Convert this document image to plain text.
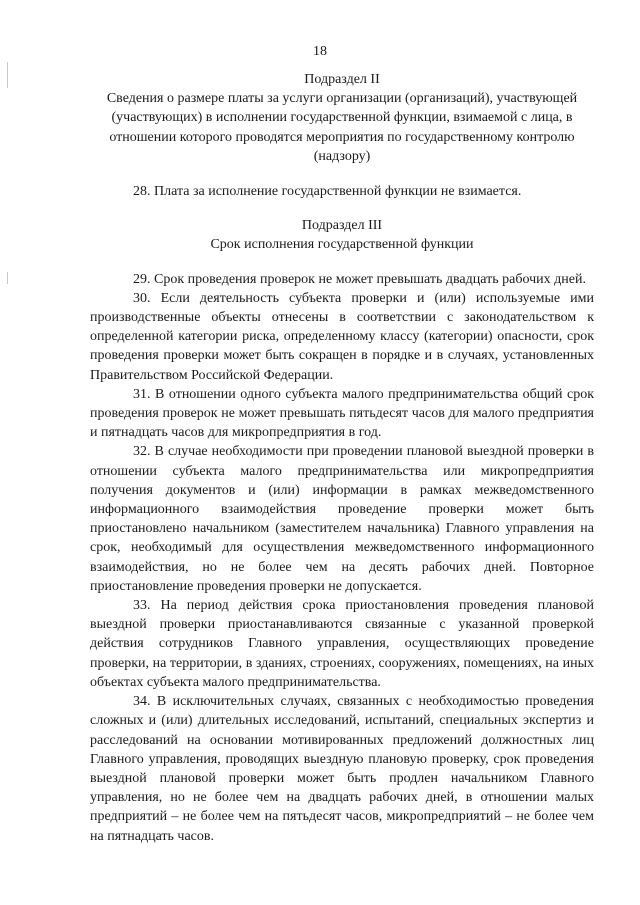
18

Подраздел II

Сведения о размере платы за услуги организации (организаций), участвующей (участвующих) в исполнении государственной функции, взимаемой с лица, в отношении которого проводятся мероприятия по государственному контролю (надзору)

28. Плата за исполнение государственной функции не взимается.

Подраздел III

Срок исполнения государственной функции

29. Срок проведения проверок не может превышать двадцать рабочих дней.

30. Если деятельность субъекта проверки и (или) используемые ими производственные объекты отнесены в соответствии с законодательством к определенной категории риска, определенному классу (категории) опасности, срок проведения проверки может быть сокращен в порядке и в случаях, установленных Правительством Российской Федерации.

31. В отношении одного субъекта малого предпринимательства общий срок проведения проверок не может превышать пятьдесят часов для малого предприятия и пятнадцать часов для микропредприятия в год.

32. В случае необходимости при проведении плановой выездной проверки в отношении субъекта малого предпринимательства или микропредприятия получения документов и (или) информации в рамках межведомственного информационного взаимодействия проведение проверки может быть приостановлено начальником (заместителем начальника) Главного управления на срок, необходимый для осуществления межведомственного информационного взаимодействия, но не более чем на десять рабочих дней. Повторное приостановление проведения проверки не допускается.

33. На период действия срока приостановления проведения плановой выездной проверки приостанавливаются связанные с указанной проверкой действия сотрудников Главного управления, осуществляющих проведение проверки, на территории, в зданиях, строениях, сооружениях, помещениях, на иных объектах субъекта малого предпринимательства.

34. В исключительных случаях, связанных с необходимостью проведения сложных и (или) длительных исследований, испытаний, специальных экспертиз и расследований на основании мотивированных предложений должностных лиц Главного управления, проводящих выездную плановую проверку, срок проведения выездной плановой проверки может быть продлен начальником Главного управления, но не более чем на двадцать рабочих дней, в отношении малых предприятий – не более чем на пятьдесят часов, микропредприятий – не более чем на пятнадцать часов.
